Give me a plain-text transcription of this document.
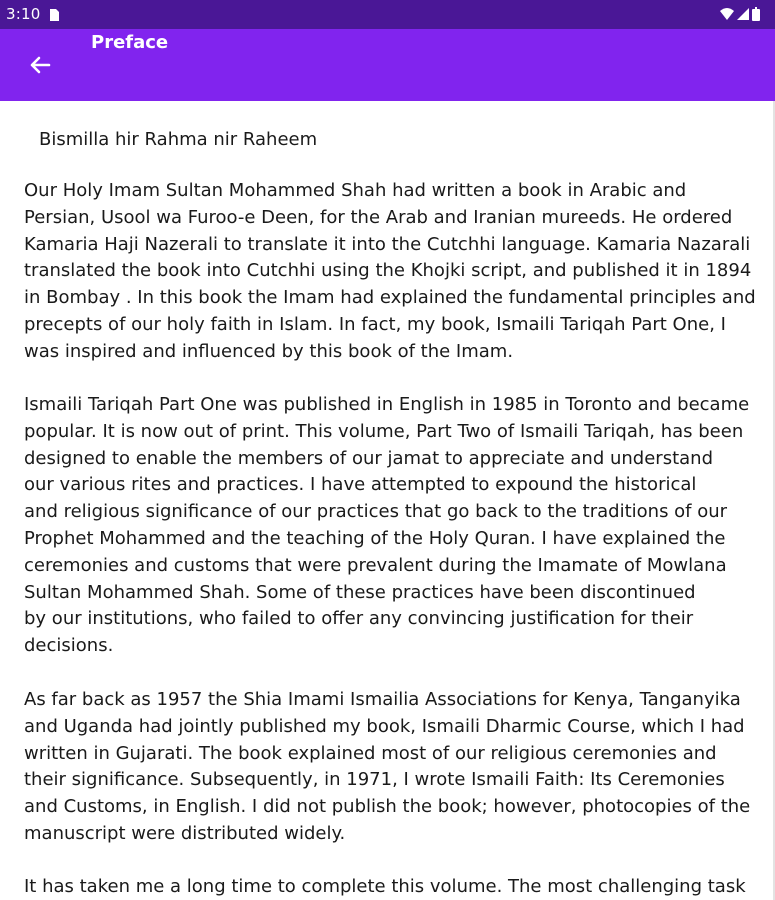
3:10
Preface
Bismilla hir Rahma nir Raheem

Our Holy Imam Sultan Mohammed Shah had written a book in Arabic and
Persian, Usool wa Furoo-e Deen, for the Arab and Iranian mureeds. He ordered
Kamaria Haji Nazerali to translate it into the Cutchhi language. Kamaria Nazarali
translated the book into Cutchhi using the Khojki script, and published it in 1894
in Bombay . In this book the Imam had explained the fundamental principles and
precepts of our holy faith in Islam. In fact, my book, Ismaili Tariqah Part One, I
was inspired and influenced by this book of the Imam.

Ismaili Tariqah Part One was published in English in 1985 in Toronto and became
popular. It is now out of print. This volume, Part Two of Ismaili Tariqah, has been
designed to enable the members of our jamat to appreciate and understand
our various rites and practices. I have attempted to expound the historical
and religious significance of our practices that go back to the traditions of our
Prophet Mohammed and the teaching of the Holy Quran. I have explained the
ceremonies and customs that were prevalent during the Imamate of Mowlana
Sultan Mohammed Shah. Some of these practices have been discontinued
by our institutions, who failed to offer any convincing justification for their
decisions.

As far back as 1957 the Shia Imami Ismailia Associations for Kenya, Tanganyika
and Uganda had jointly published my book, Ismaili Dharmic Course, which I had
written in Gujarati. The book explained most of our religious ceremonies and
their significance. Subsequently, in 1971, I wrote Ismaili Faith: Its Ceremonies
and Customs, in English. I did not publish the book; however, photocopies of the
manuscript were distributed widely.

It has taken me a long time to complete this volume. The most challenging task
